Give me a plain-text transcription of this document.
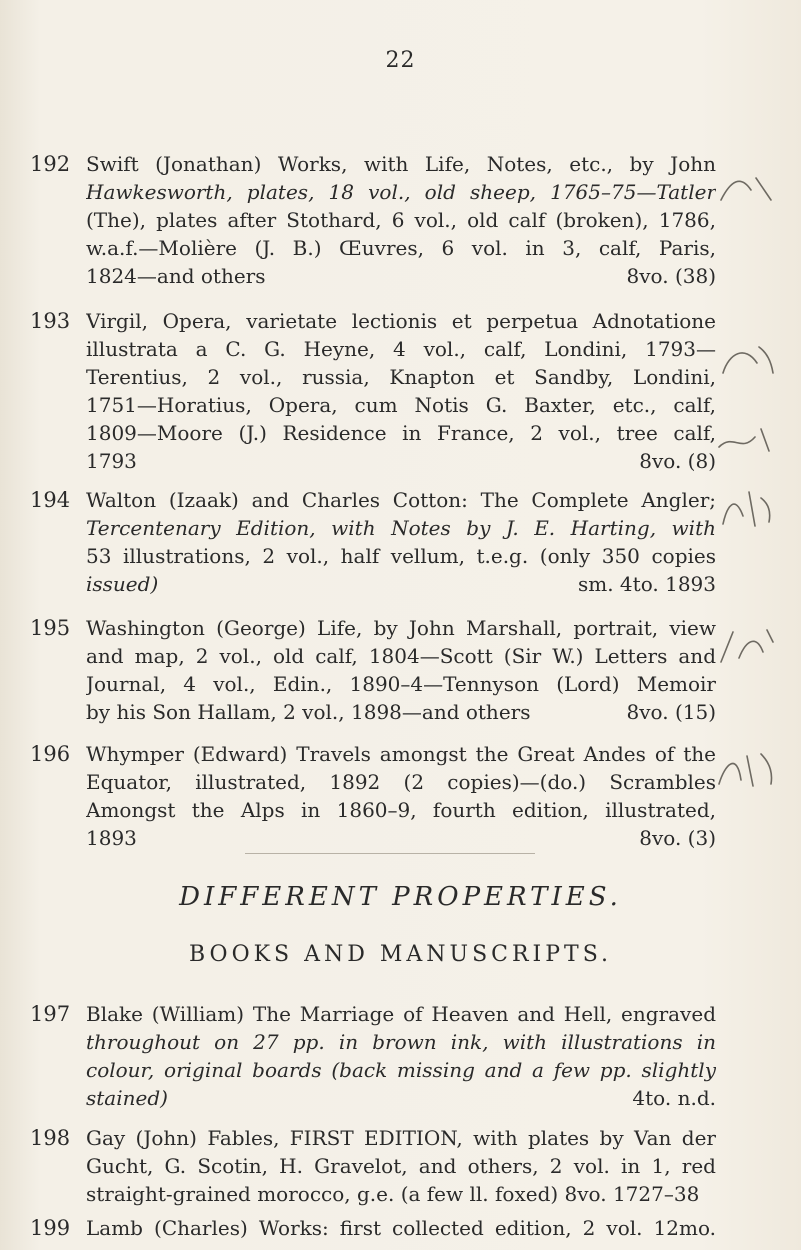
22
192 Swift (Jonathan) Works, with Life, Notes, etc., by John
Hawkesworth, plates, 18 vol., old sheep, 1765–75—Tatler
(The), plates after Stothard, 6 vol., old calf (broken), 1786,
w.a.f.—Molière (J. B.) Œuvres, 6 vol. in 3, calf, Paris,
1824—and others	8vo. (38)
193 Virgil, Opera, varietate lectionis et perpetua Adnotatione
illustrata a C. G. Heyne, 4 vol., calf, Londini, 1793—
Terentius, 2 vol., russia, Knapton et Sandby, Londini,
1751—Horatius, Opera, cum Notis G. Baxter, etc., calf,
1809—Moore (J.) Residence in France, 2 vol., tree calf,
1793	8vo. (8)
194 Walton (Izaak) and Charles Cotton: The Complete Angler;
Tercentenary Edition, with Notes by J. E. Harting, with
53 illustrations, 2 vol., half vellum, t.e.g. (only 350 copies
issued)	sm. 4to. 1893
195 Washington (George) Life, by John Marshall, portrait, view
and map, 2 vol., old calf, 1804—Scott (Sir W.) Letters and
Journal, 4 vol., Edin., 1890–4—Tennyson (Lord) Memoir
by his Son Hallam, 2 vol., 1898—and others	8vo. (15)
196 Whymper (Edward) Travels amongst the Great Andes of the
Equator, illustrated, 1892 (2 copies)—(do.) Scrambles
Amongst the Alps in 1860–9, fourth edition, illustrated,
1893	8vo. (3)
DIFFERENT PROPERTIES.
BOOKS AND MANUSCRIPTS.
197 Blake (William) The Marriage of Heaven and Hell, engraved
throughout on 27 pp. in brown ink, with illustrations in
colour, original boards (back missing and a few pp. slightly
stained)	4to. n.d.
198 Gay (John) Fables, FIRST EDITION, with plates by Van der
Gucht, G. Scotin, H. Gravelot, and others, 2 vol. in 1, red
straight-grained morocco, g.e. (a few ll. foxed) 8vo. 1727–38
199 Lamb (Charles) Works: first collected edition, 2 vol. 12mo.
